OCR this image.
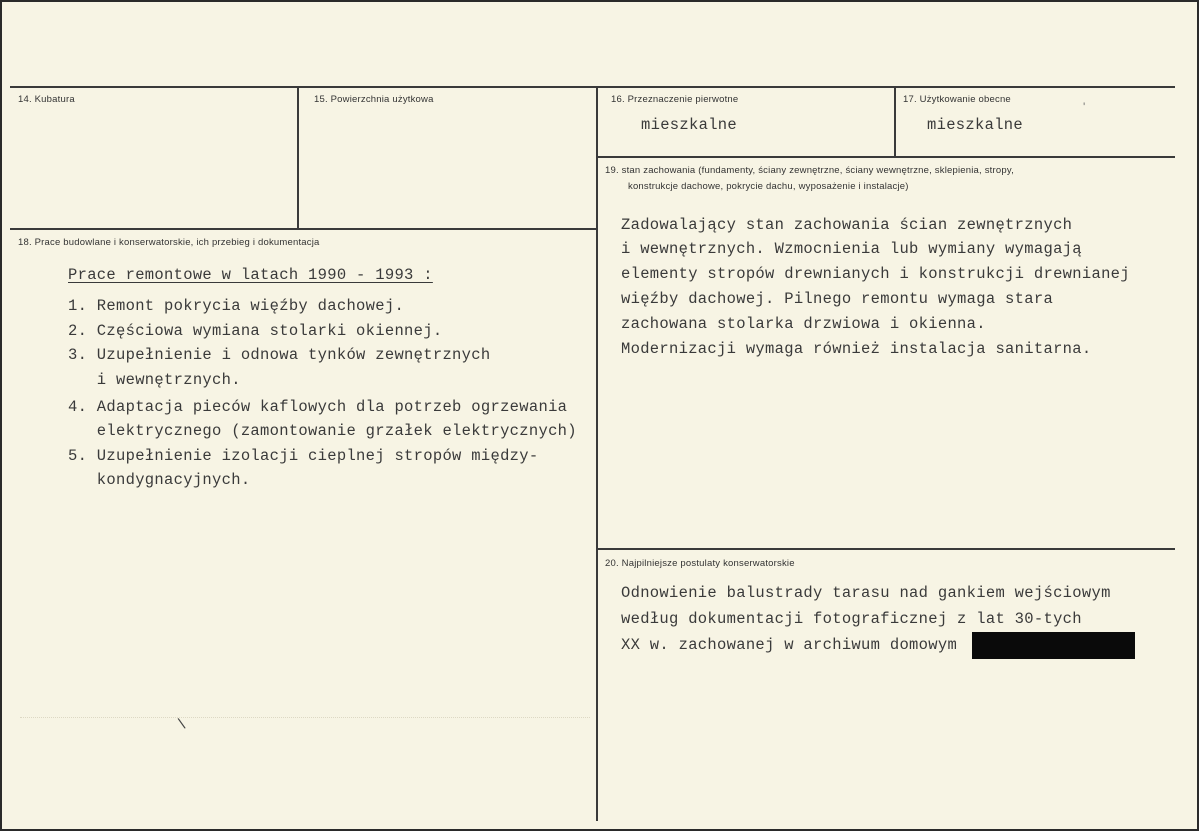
14. Kubatura	15. Powierzchnia użytkowa	16. Przeznaczenie pierwotne
mieszkalne
17. Użytkowanie obecne
mieszkalne
19. stan zachowania (fundamenty, ściany zewnętrzne, ściany wewnętrzne, sklepienia, stropy,
konstrukcje dachowe, pokrycie dachu, wyposażenie i instalacje)
Zadowalający stan zachowania ścian zewnętrznych
i wewnętrznych. Wzmocnienia lub wymiany wymagają
elementy stropów drewnianych i konstrukcji drewnianej
więźby dachowej. Pilnego remontu wymaga stara
zachowana stolarka drzwiowa i okienna.
Modernizacji wymaga również instalacja sanitarna.
18. Prace budowlane i konserwatorskie, ich przebieg i dokumentacja
Prace remontowe w latach 1990 - 1993 :
1. Remont pokrycia więźby dachowej.
2. Częściowa wymiana stolarki okiennej.
3. Uzupełnienie i odnowa tynków zewnętrznych
i wewnętrznych.
4. Adaptacja pieców kaflowych dla potrzeb ogrzewania
elektrycznego (zamontowanie grzałek elektrycznych)
5. Uzupełnienie izolacji cieplnej stropów między-
kondygnacyjnych.
20. Najpilniejsze postulaty konserwatorskie
Odnowienie balustrady tarasu nad gankiem wejściowym
według dokumentacji fotograficznej z lat 30-tych
XX w. zachowanej w archiwum domowym
\
'
